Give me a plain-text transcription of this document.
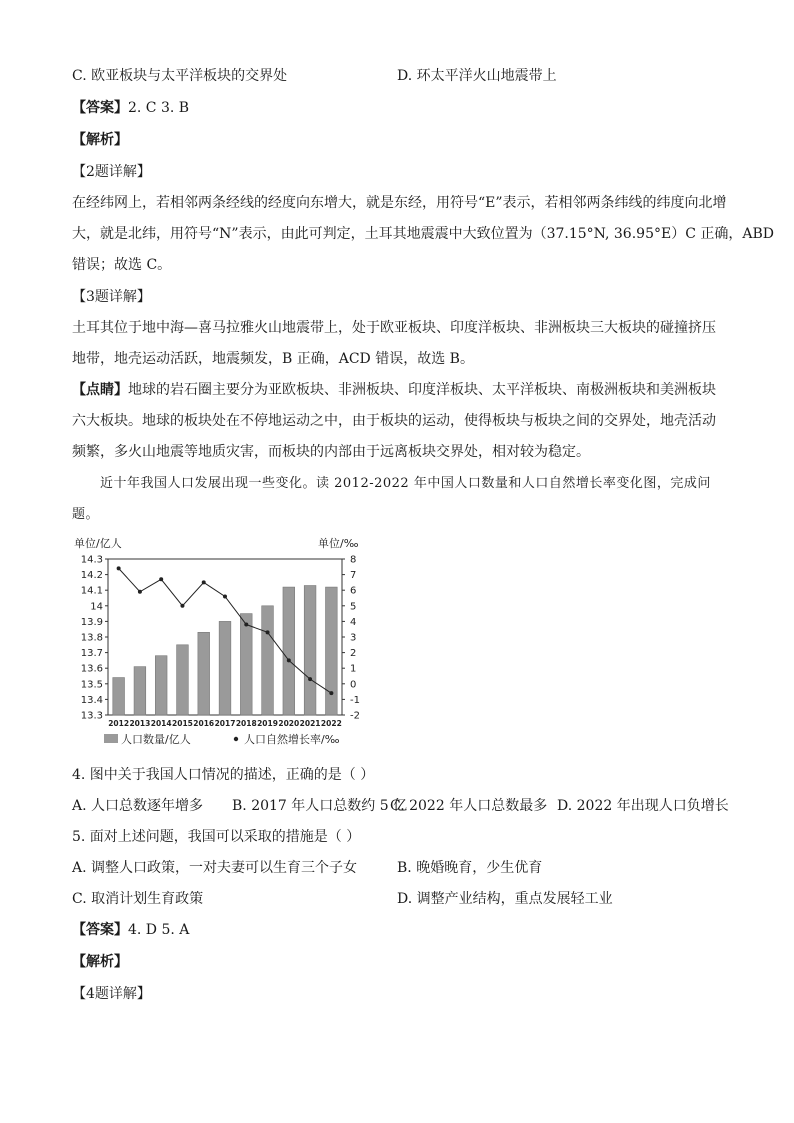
C. 欧亚板块与太平洋板块的交界处	D. 环太平洋火山地震带上
【答案】2. C 3. B
【解析】
【2题详解】
在经纬网上，若相邻两条经线的经度向东增大，就是东经，用符号“E”表示，若相邻两条纬线的纬度向北增
大，就是北纬，用符号“N”表示，由此可判定，土耳其地震震中大致位置为（37.15°N, 36.95°E）C 正确，ABD
错误；故选 C。
【3题详解】
土耳其位于地中海—喜马拉雅火山地震带上，处于欧亚板块、印度洋板块、非洲板块三大板块的碰撞挤压
地带，地壳运动活跃，地震频发，B 正确，ACD 错误，故选 B。
【点睛】地球的岩石圈主要分为亚欧板块、非洲板块、印度洋板块、太平洋板块、南极洲板块和美洲板块
六大板块。地球的板块处在不停地运动之中，由于板块的运动，使得板块与板块之间的交界处，地壳活动
频繁，多火山地震等地质灾害，而板块的内部由于远离板块交界处，相对较为稳定。
近十年我国人口发展出现一些变化。读 2012-2022 年中国人口数量和人口自然增长率变化图，完成问
题。
单位/亿人	单位/‰
14.3
14.2
14.1
14
13.9
13.8
13.7
13.6
13.5
13.4
13.3
8
7
6
5
4
3
2
1
0
-1
-2
2012 2013 2014 2015 2016 2017 2018 2019 2020 2021 2022
人口数量/亿人	人口自然增长率/‰
4. 图中关于我国人口情况的描述，正确的是（ ）
A. 人口总数逐年增多 B. 2017 年人口总数约 5 亿
C. 2022 年人口总数最多 D. 2022 年出现人口负增长
5. 面对上述问题，我国可以采取的措施是（ ）
A. 调整人口政策，一对夫妻可以生育三个子女	B. 晚婚晚育，少生优育
C. 取消计划生育政策	D. 调整产业结构，重点发展轻工业
【答案】4. D 5. A
【解析】
【4题详解】
